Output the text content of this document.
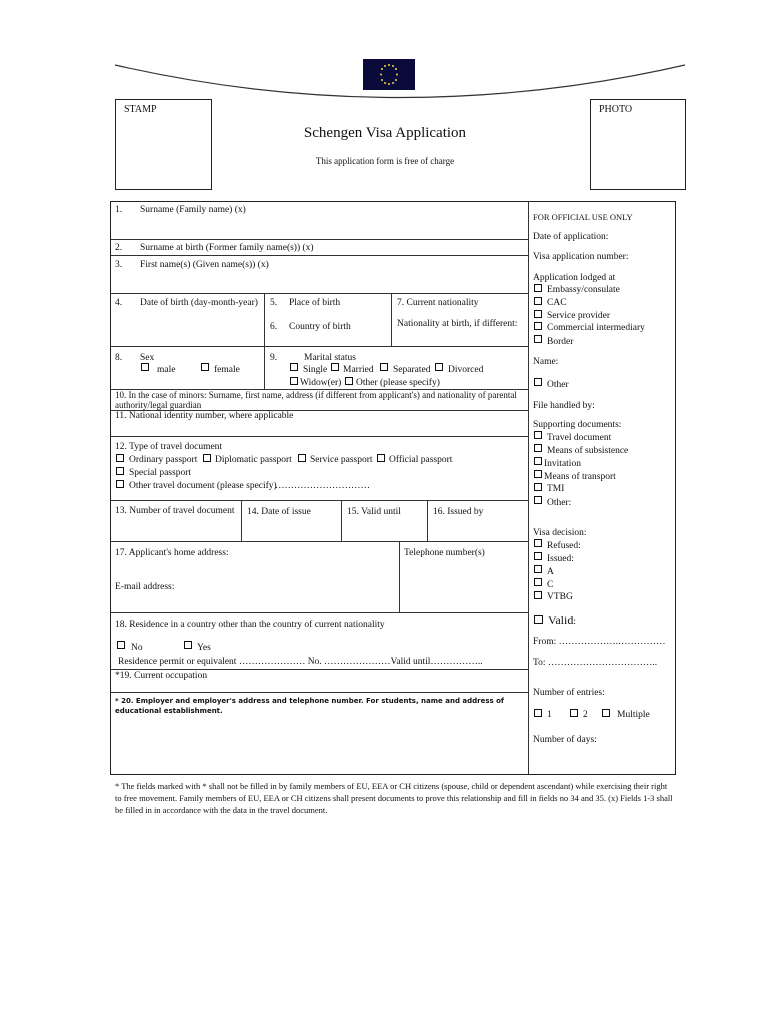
STAMP	PHOTO
Schengen Visa Application
This application form is free of charge
1. Surname (Family name) (x)
2. Surname at birth (Former family name(s)) (x)
3. First name(s) (Given name(s)) (x)
4. Date of birth (day-month-year) 5. Place of birth
6. Country of birth
7. Current nationality
Nationality at birth, if different:
8. Sex
male	female
9.	Marital status
Single Married Separated Divorced
Widow(er) Other (please specify)
10. In the case of minors: Surname, first name, address (if different from applicant's) and nationality of parental authority/legal guardian
11. National identity number, where applicable
12. Type of travel document
Ordinary passport Diplomatic passport Service passport Official passport
Special passport
Other travel document (please specify)
…………………………
13. Number of travel document 14. Date of issue	15. Valid until	16. Issued by
17. Applicant's home address:
E-mail address:
Telephone number(s)
18. Residence in a country other than the country of current nationality
No	Yes
Residence permit or equivalent ………………… No. …………………Valid until……………..
*19. Current occupation
* 20. Employer and employer's address and telephone number. For students, name and address of educational establishment.
FOR OFFICIAL USE ONLY
Date of application:
Visa application number:
Application lodged at
Embassy/consulate
CAC
Service provider
Commercial intermediary
Border
Name:
Other
File handled by:
Supporting documents:
Travel document
Means of subsistence
Invitation
Means of transport
TMI
Other:
Visa decision:
Refused:
Issued:
A
C
VTBG
Valid:
From: ……………….……………
To: ……………………………..
Number of entries:
1	2	Multiple
Number of days:
* The fields marked with * shall not be filled in by family members of EU, EEA or CH citizens (spouse, child or dependent ascendant) while exercising their right to free movement. Family members of EU, EEA or CH citizens shall present documents to prove this relationship and fill in fields no 34 and 35. (x) Fields 1-3 shall be filled in in accordance with the data in the travel document.
